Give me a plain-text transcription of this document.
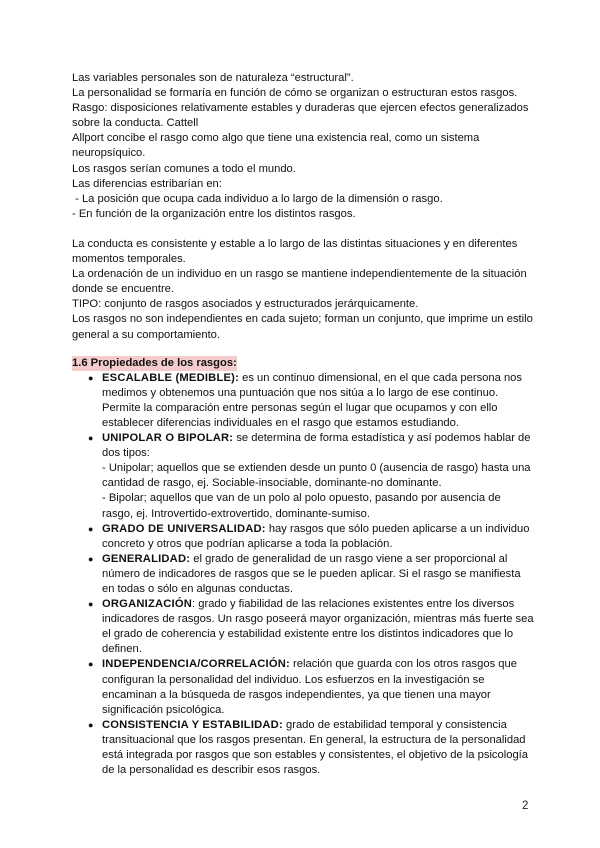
Las variables personales son de naturaleza “estructural”.

La personalidad se formaría en función de cómo se organizan o estructuran estos rasgos.

Rasgo: disposiciones relativamente estables y duraderas que ejercen efectos generalizados sobre la conducta. Cattell

Allport concibe el rasgo como algo que tiene una existencia real, como un sistema neuropsíquico.

Los rasgos serían comunes a todo el mundo.

Las diferencias estribarían en:

- La posición que ocupa cada individuo a lo largo de la dimensión o rasgo.

- En función de la organización entre los distintos rasgos.

La conducta es consistente y estable a lo largo de las distintas situaciones y en diferentes momentos temporales.

La ordenación de un individuo en un rasgo se mantiene independientemente de la situación donde se encuentre.

TIPO: conjunto de rasgos asociados y estructurados jerárquicamente.

Los rasgos no son independientes en cada sujeto; forman un conjunto, que imprime un estilo general a su comportamiento.

1.6 Propiedades de los rasgos:
● ESCALABLE (MEDIBLE): es un continuo dimensional, en el que cada persona nos medimos y obtenemos una puntuación que nos sitúa a lo largo de ese continuo. Permite la comparación entre personas según el lugar que ocupamos y con ello establecer diferencias individuales en el rasgo que estamos estudiando.

● UNIPOLAR O BIPOLAR: se determina de forma estadística y así podemos hablar de dos tipos:

- Unipolar; aquellos que se extienden desde un punto 0 (ausencia de rasgo) hasta una cantidad de rasgo, ej. Sociable-insociable, dominante-no dominante.

- Bipolar; aquellos que van de un polo al polo opuesto, pasando por ausencia de rasgo, ej. Introvertido-extrovertido, dominante-sumiso.

● GRADO DE UNIVERSALIDAD: hay rasgos que sólo pueden aplicarse a un individuo concreto y otros que podrían aplicarse a toda la población.

● GENERALIDAD: el grado de generalidad de un rasgo viene a ser proporcional al número de indicadores de rasgos que se le pueden aplicar. Si el rasgo se manifiesta en todas o sólo en algunas conductas.

● ORGANIZACIÓN: grado y fiabilidad de las relaciones existentes entre los diversos indicadores de rasgos. Un rasgo poseerá mayor organización, mientras más fuerte sea el grado de coherencia y estabilidad existente entre los distintos indicadores que lo definen.

● INDEPENDENCIA/CORRELACIÓN: relación que guarda con los otros rasgos que configuran la personalidad del individuo. Los esfuerzos en la investigación se encaminan a la búsqueda de rasgos independientes, ya que tienen una mayor significación psicológica.

● CONSISTENCIA Y ESTABILIDAD: grado de estabilidad temporal y consistencia transituacional que los rasgos presentan. En general, la estructura de la personalidad está integrada por rasgos que son estables y consistentes, el objetivo de la psicología de la personalidad es describir esos rasgos.

2
